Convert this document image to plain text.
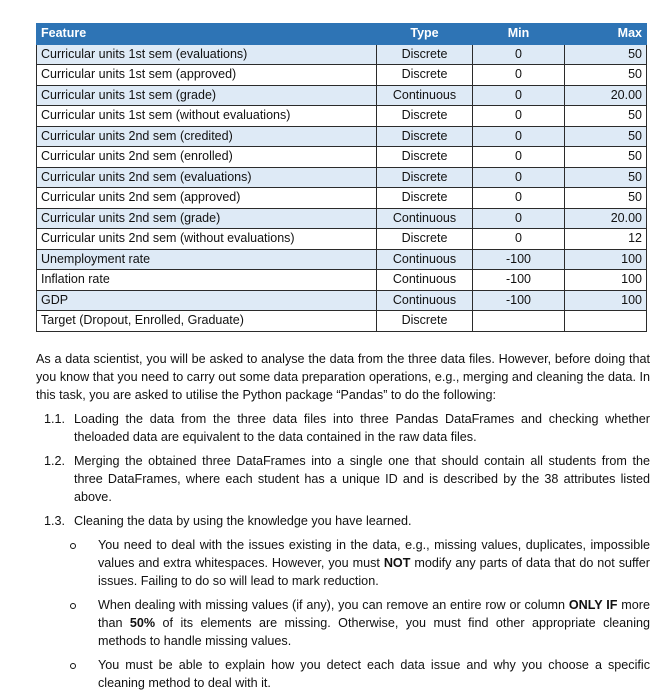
Feature	Type	Min	Max
Curricular units 1st sem (evaluations)	Discrete	0	50
Curricular units 1st sem (approved)	Discrete	0	50
Curricular units 1st sem (grade)	Continuous	0	20.00
Curricular units 1st sem (without evaluations)	Discrete	0	50
Curricular units 2nd sem (credited)	Discrete	0	50
Curricular units 2nd sem (enrolled)	Discrete	0	50
Curricular units 2nd sem (evaluations)	Discrete	0	50
Curricular units 2nd sem (approved)	Discrete	0	50
Curricular units 2nd sem (grade)	Continuous	0	20.00
Curricular units 2nd sem (without evaluations)	Discrete	0	12
Unemployment rate	Continuous	-100	100
Inflation rate	Continuous	-100	100
GDP	Continuous	-100	100
Target (Dropout, Enrolled, Graduate)	Discrete		

As a data scientist, you will be asked to analyse the data from the three data files. However, before doing that you know that you need to carry out some data preparation operations, e.g., merging and cleaning the data. In this task, you are asked to utilise the Python package “Pandas” to do the following:

1.1. Loading the data from the three data files into three Pandas DataFrames and checking whether theloaded data are equivalent to the data contained in the raw data files.
1.2. Merging the obtained three DataFrames into a single one that should contain all students from the three DataFrames, where each student has a unique ID and is described by the 38 attributes listed above.
1.3. Cleaning the data by using the knowledge you have learned.
You need to deal with the issues existing in the data, e.g., missing values, duplicates, impossible values and extra whitespaces. However, you must NOT modify any parts of data that do not suffer issues. Failing to do so will lead to mark reduction.
When dealing with missing values (if any), you can remove an entire row or column ONLY IF more than 50% of its elements are missing. Otherwise, you must find other appropriate cleaning methods to handle missing values.
You must be able to explain how you detect each data issue and why you choose a specific cleaning method to deal with it.
